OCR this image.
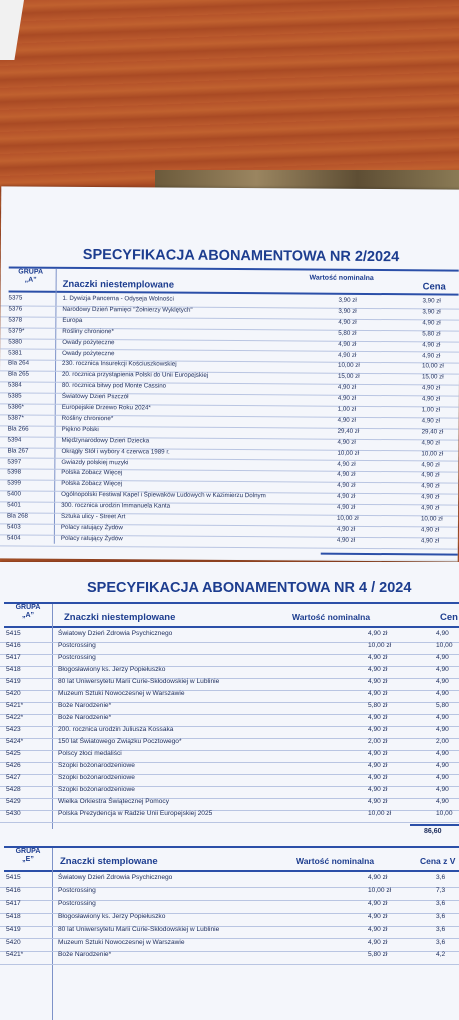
SPECYFIKACJA ABONAMENTOWA NR 2/2024
GRUPA
„A”	Znaczki niestemplowane
Wartość nominalna
Cena
5375	1. Dywizja Pancerna - Odyseja Wolności	3,90 zł	3,90 zł
5376	Narodowy Dzień Pamięci "Żołnierzy Wyklętych"	3,90 zł	3,90 zł
5378	Europa	4,90 zł	4,90 zł
5379*	Rośliny chronione*	5,80 zł	5,80 zł
5380	Owady pożyteczne	4,90 zł	4,90 zł
5381	Owady pożyteczne	4,90 zł	4,90 zł
Bla 264	230. rocznica Insurekcji Kościuszkowskiej	10,00 zł	10,00 zł
Bla 265	20. rocznica przystąpienia Polski do Unii Europejskiej	15,00 zł	15,00 zł
5384	80. rocznica bitwy pod Monte Cassino	4,90 zł	4,90 zł
5385	Światowy Dzień Pszczół	4,90 zł	4,90 zł
5386*	Europejskie Drzewo Roku 2024*	1,00 zł	1,00 zł
5387*	Rośliny chronione*	4,90 zł	4,90 zł
Bla 266	Piękno Polski	29,40 zł	29,40 zł
5394	Międzynarodowy Dzień Dziecka	4,90 zł	4,90 zł
Bla 267	Okrągły Stół i wybory 4 czerwca 1989 r.	10,00 zł	10,00 zł
5397	Gwiazdy polskiej muzyki	4,90 zł	4,90 zł
5398	Polska Zobacz Więcej	4,90 zł	4,90 zł
5399	Polska Zobacz Więcej	4,90 zł	4,90 zł
5400	Ogólnopolski Festiwal Kapel i Śpiewaków Ludowych w Kazimierzu Dolnym	4,90 zł	4,90 zł
5401	300. rocznica urodzin Immanuela Kanta	4,90 zł	4,90 zł
Bla 268	Sztuka ulicy - Street Art	10,00 zł	10,00 zł
5403	Polacy ratujący Żydów	4,90 zł	4,90 zł
5404	Polacy ratujący Żydów	4,90 zł	4,90 zł
SPECYFIKACJA ABONAMENTOWA NR 4 / 2024
GRUPA
„A”	Znaczki niestemplowane	Wartość nominalna	Cen
5415	Światowy Dzień Zdrowia Psychicznego	4,90 zł	4,90
5416	Postcrossing	10,00 zł	10,00
5417	Postcrossing	4,90 zł	4,90
5418	Błogosławiony ks. Jerzy Popiełuszko	4,90 zł	4,90
5419	80 lat Uniwersytetu Marii Curie-Skłodowskiej w Lublinie	4,90 zł	4,90
5420	Muzeum Sztuki Nowoczesnej w Warszawie	4,90 zł	4,90
5421*	Boże Narodzenie*	5,80 zł	5,80
5422*	Boże Narodzenie*	4,90 zł	4,90
5423	200. rocznica urodzin Juliusza Kossaka	4,90 zł	4,90
5424*	150 lat Światowego Związku Pocztowego*	2,00 zł	2,00
5425	Polscy złoci medaliści	4,90 zł	4,90
5426	Szopki bożonarodzeniowe	4,90 zł	4,90
5427	Szopki bożonarodzeniowe	4,90 zł	4,90
5428	Szopki bożonarodzeniowe	4,90 zł	4,90
5429	Wielka Orkiestra Świątecznej Pomocy	4,90 zł	4,90
5430	Polska Prezydencja w Radzie Unii Europejskiej 2025	10,00 zł	10,00
86,60
GRUPA
„E”	Znaczki stemplowane	Wartość nominalna	Cena z V
5415	Światowy Dzień Zdrowia Psychicznego	4,90 zł	3,6
5416	Postcrossing	10,00 zł	7,3
5417	Postcrossing	4,90 zł	3,6
5418	Błogosławiony ks. Jerzy Popiełuszko	4,90 zł	3,6
5419	80 lat Uniwersytetu Marii Curie-Skłodowskiej w Lublinie	4,90 zł	3,6
5420	Muzeum Sztuki Nowoczesnej w Warszawie	4,90 zł	3,6
5421*	Boże Narodzenie*	5,80 zł	4,2
